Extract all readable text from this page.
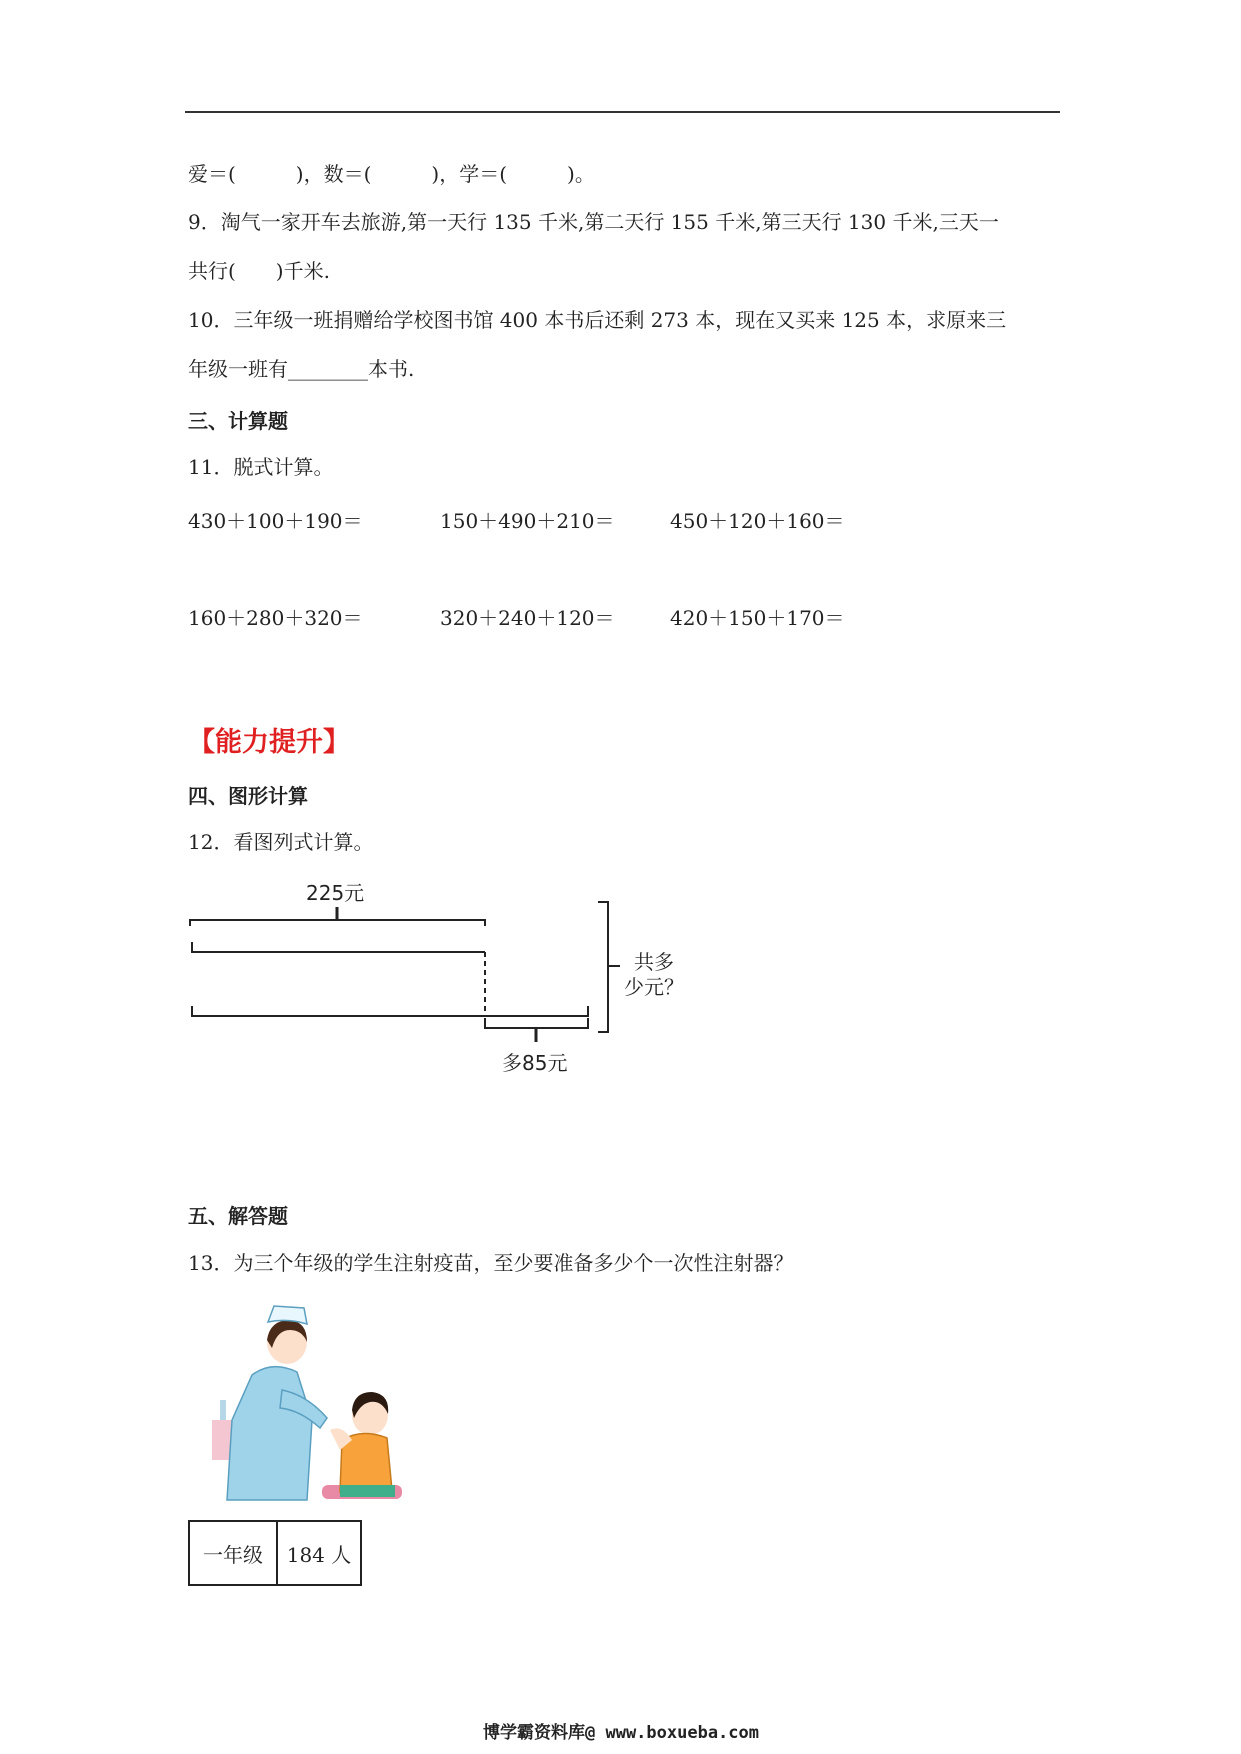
爱＝(　　　)，数＝(　　　)，学＝(　　　)。
9．淘气一家开车去旅游,第一天行 135 千米,第二天行 155 千米,第三天行 130 千米,三天一
共行(　　)千米.
10．三年级一班捐赠给学校图书馆 400 本书后还剩 273 本，现在又买来 125 本，求原来三
年级一班有________本书.
三、计算题
11．脱式计算。
430＋100＋190＝	150＋490＋210＝	450＋120＋160＝
160＋280＋320＝	320＋240＋120＝	420＋150＋170＝
【能力提升】
四、图形计算
12．看图列式计算。
225元
多85元
共多
少元？
五、解答题
13．为三个年级的学生注射疫苗，至少要准备多少个一次性注射器？
一年级	184 人
博学霸资料库@ www.boxueba.com
